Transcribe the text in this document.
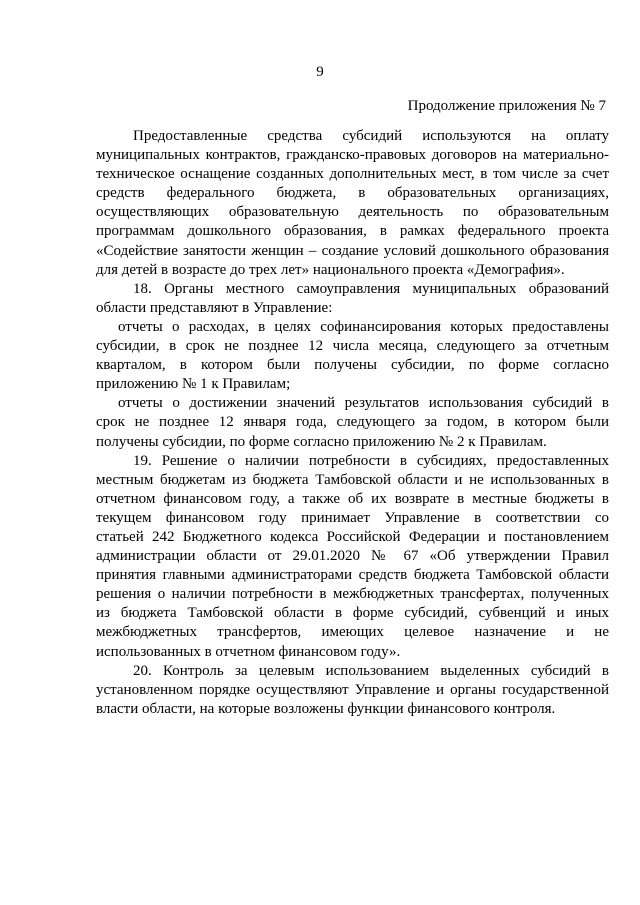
9
Продолжение приложения № 7
Предоставленные средства субсидий используются на оплату
муниципальных контрактов, гражданско-правовых договоров на материально-
техническое оснащение созданных дополнительных мест, в том числе за счет
средств федерального бюджета, в образовательных организациях,
осуществляющих образовательную деятельность по образовательным
программам дошкольного образования, в рамках федерального проекта
«Содействие занятости женщин – создание условий дошкольного образования
для детей в возрасте до трех лет» национального проекта «Демография».
18. Органы местного самоуправления муниципальных образований
области представляют в Управление:
отчеты о расходах, в целях софинансирования которых предоставлены
субсидии, в срок не позднее 12 числа месяца, следующего за отчетным
кварталом, в котором были получены субсидии, по форме согласно
приложению № 1 к Правилам;
отчеты о достижении значений результатов использования субсидий в
срок не позднее 12 января года, следующего за годом, в котором были
получены субсидии, по форме согласно приложению № 2 к Правилам.
19. Решение о наличии потребности в субсидиях, предоставленных
местным бюджетам из бюджета Тамбовской области и не использованных в
отчетном финансовом году, а также об их возврате в местные бюджеты в
текущем финансовом году принимает Управление в соответствии со
статьей 242 Бюджетного кодекса Российской Федерации и постановлением
администрации области от 29.01.2020 № 67 «Об утверждении Правил
принятия главными администраторами средств бюджета Тамбовской области
решения о наличии потребности в межбюджетных трансфертах, полученных
из бюджета Тамбовской области в форме субсидий, субвенций и иных
межбюджетных трансфертов, имеющих целевое назначение и не
использованных в отчетном финансовом году».
20. Контроль за целевым использованием выделенных субсидий в
установленном порядке осуществляют Управление и органы государственной
власти области, на которые возложены функции финансового контроля.
